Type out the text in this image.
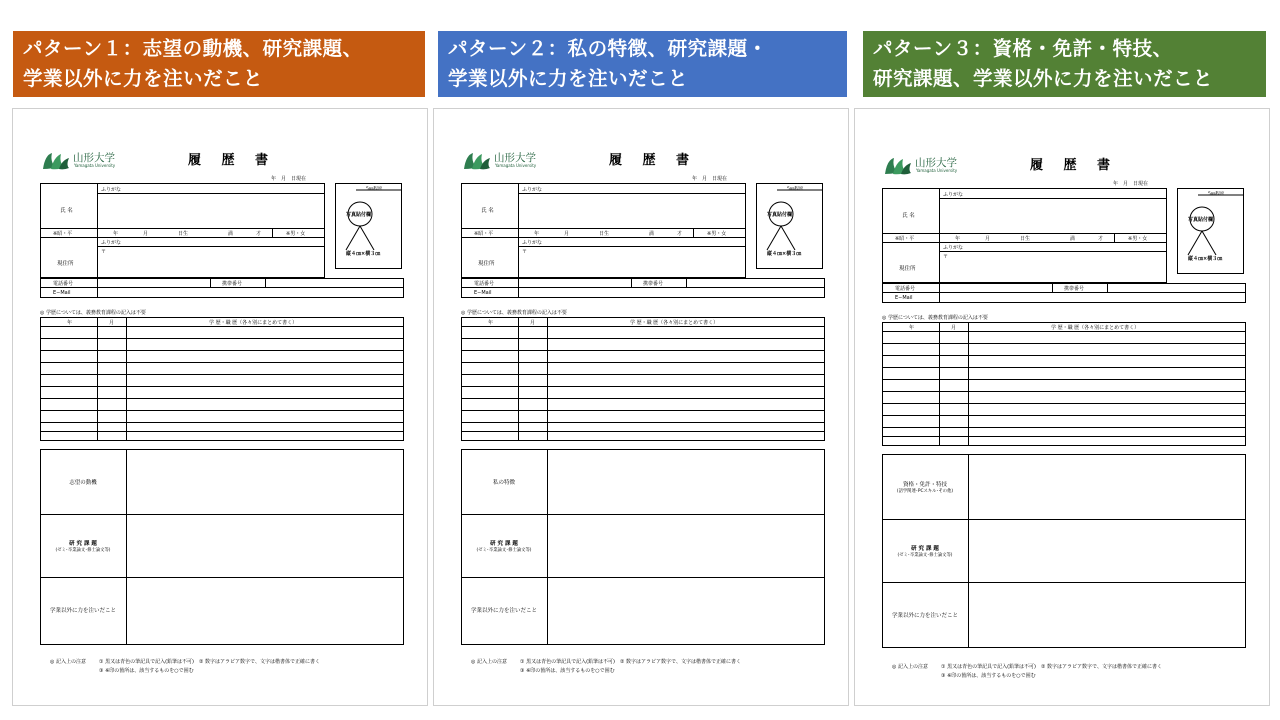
パターン１：志望の動機、研究課題、
学業以外に力を注いだこと
パターン２：私の特徴、研究課題・
学業以外に力を注いだこと
パターン３：資格・免許・特技、
研究課題、学業以外に力を注いだこと
山形大学
Yamagata University	履 歴 書
年　月　日現在
ふりがな
氏 名
※昭・平	年	月	日生	満	才	※男・女
ふりがな
〒
現住所
電話番号	携帯番号
E−Mail
5㎜程度
写真貼付欄
縦４㎝×横３㎝
◎ 学歴については、義務教育課程の記入は不要
年	月	学 歴・職 歴（各々別にまとめて書く）
志望の動機
研 究 課 題
(ゼミ･卒業論文･修士論文等)
学業以外に力を注いだこと
◎ 記入上の注意	① 黒又は青色の筆記具で記入(鉛筆は不可)　② 数字はアラビア数字で、文字は楷書体で正確に書く
③ ※印の箇所は、該当するものを○で囲む
山形大学
Yamagata University	履 歴 書
年　月　日現在
ふりがな
氏 名
※昭・平	年	月	日生	満	才	※男・女
ふりがな
〒
現住所
電話番号	携帯番号
E−Mail
5㎜程度
写真貼付欄
縦４㎝×横３㎝
◎ 学歴については、義務教育課程の記入は不要
年	月	学 歴・職 歴（各々別にまとめて書く）
私の特徴
研 究 課 題
(ゼミ･卒業論文･修士論文等)
学業以外に力を注いだこと
◎ 記入上の注意	① 黒又は青色の筆記具で記入(鉛筆は不可)　② 数字はアラビア数字で、文字は楷書体で正確に書く
③ ※印の箇所は、該当するものを○で囲む
山形大学
Yamagata University	履 歴 書
年　月　日現在
ふりがな
氏 名
※昭・平	年	月	日生	満	才	※男・女
ふりがな
〒
現住所
電話番号	携帯番号
E−Mail
5㎜程度
写真貼付欄
縦４㎝×横３㎝
◎ 学歴については、義務教育課程の記入は不要
年	月	学 歴・職 歴（各々別にまとめて書く）
資格・免許・特技
(語学関連･PCスキル･その他)
研 究 課 題
(ゼミ･卒業論文･修士論文等)
学業以外に力を注いだこと
◎ 記入上の注意	① 黒又は青色の筆記具で記入(鉛筆は不可)　② 数字はアラビア数字で、文字は楷書体で正確に書く
③ ※印の箇所は、該当するものを○で囲む
